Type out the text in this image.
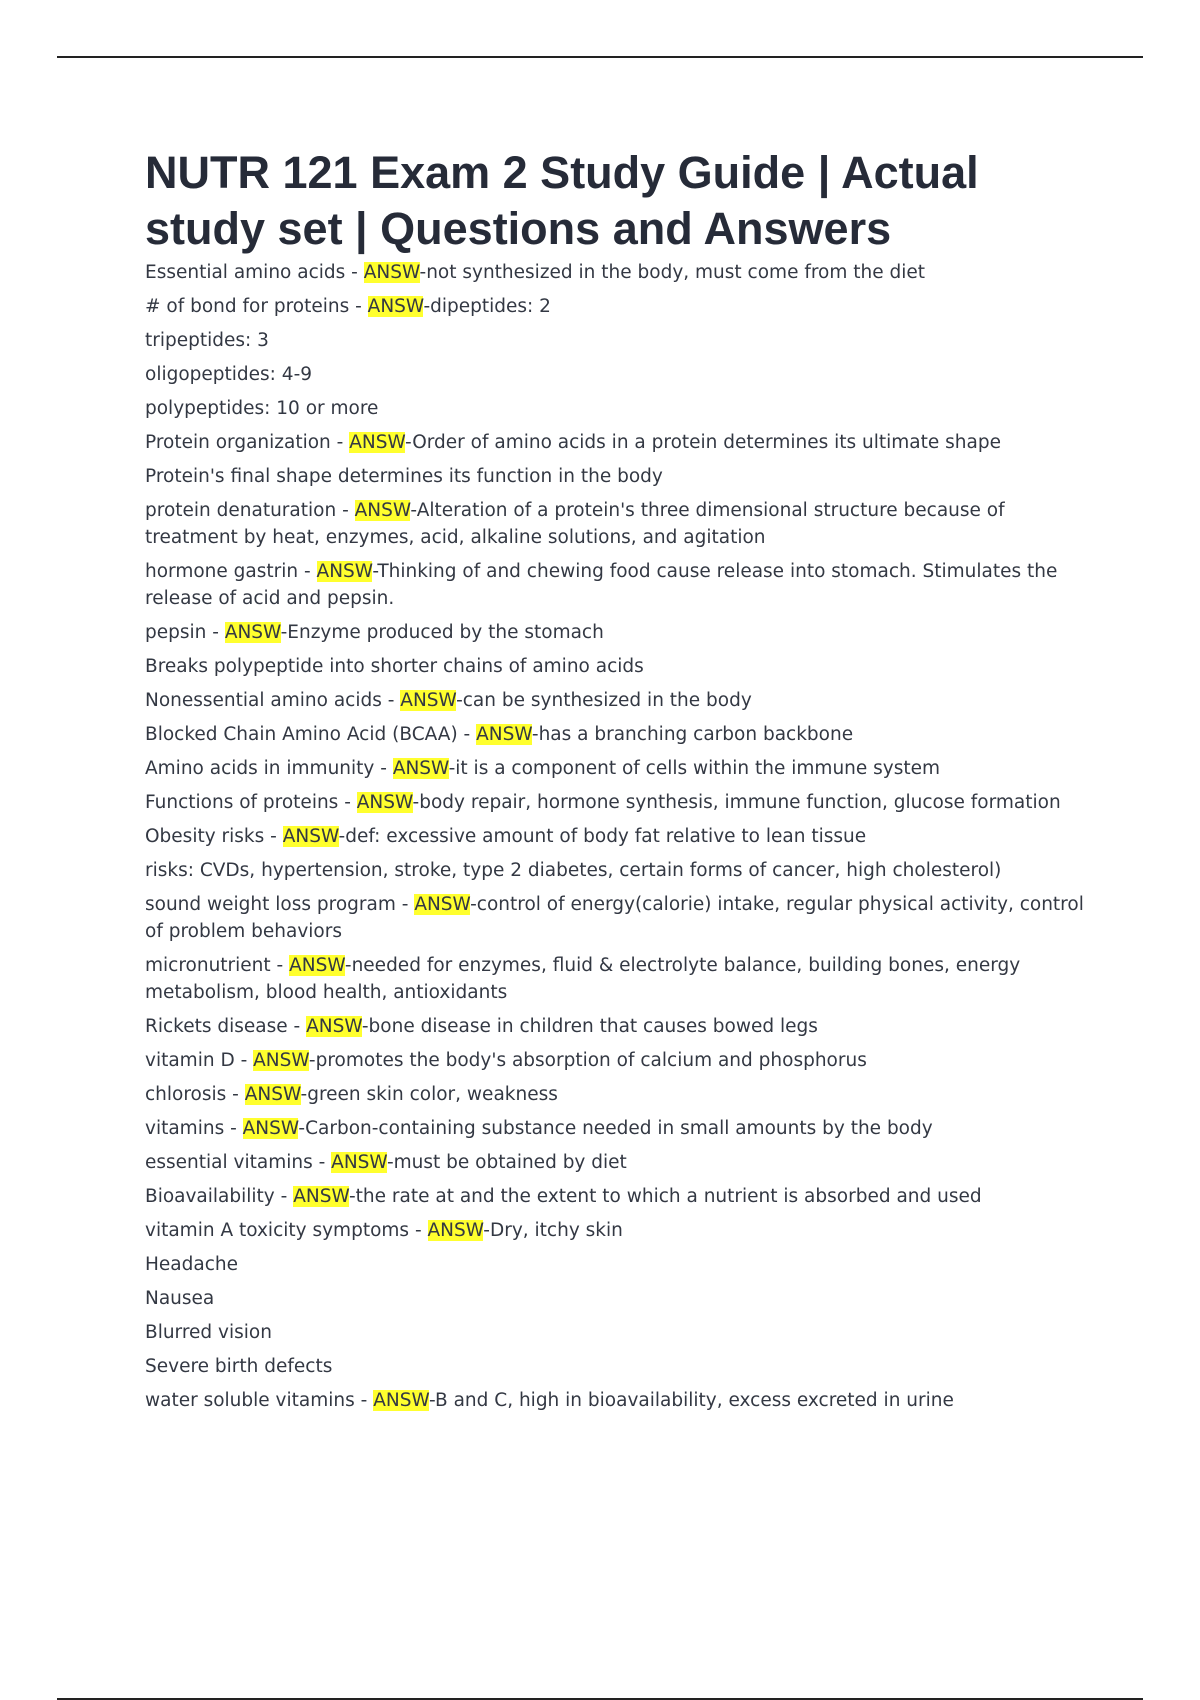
NUTR 121 Exam 2 Study Guide | Actual study set | Questions and Answers
Essential amino acids - ANSW-not synthesized in the body, must come from the diet
# of bond for proteins - ANSW-dipeptides: 2
tripeptides: 3
oligopeptides: 4-9
polypeptides: 10 or more
Protein organization - ANSW-Order of amino acids in a protein determines its ultimate shape
Protein's final shape determines its function in the body
protein denaturation - ANSW-Alteration of a protein's three dimensional structure because of treatment by heat, enzymes, acid, alkaline solutions, and agitation
hormone gastrin - ANSW-Thinking of and chewing food cause release into stomach. Stimulates the release of acid and pepsin.
pepsin - ANSW-Enzyme produced by the stomach
Breaks polypeptide into shorter chains of amino acids
Nonessential amino acids - ANSW-can be synthesized in the body
Blocked Chain Amino Acid (BCAA) - ANSW-has a branching carbon backbone
Amino acids in immunity - ANSW-it is a component of cells within the immune system
Functions of proteins - ANSW-body repair, hormone synthesis, immune function, glucose formation
Obesity risks - ANSW-def: excessive amount of body fat relative to lean tissue
risks: CVDs, hypertension, stroke, type 2 diabetes, certain forms of cancer, high cholesterol)
sound weight loss program - ANSW-control of energy(calorie) intake, regular physical activity, control of problem behaviors
micronutrient - ANSW-needed for enzymes, fluid & electrolyte balance, building bones, energy metabolism, blood health, antioxidants
Rickets disease - ANSW-bone disease in children that causes bowed legs
vitamin D - ANSW-promotes the body's absorption of calcium and phosphorus
chlorosis - ANSW-green skin color, weakness
vitamins - ANSW-Carbon-containing substance needed in small amounts by the body
essential vitamins - ANSW-must be obtained by diet
Bioavailability - ANSW-the rate at and the extent to which a nutrient is absorbed and used
vitamin A toxicity symptoms - ANSW-Dry, itchy skin
Headache
Nausea
Blurred vision
Severe birth defects
water soluble vitamins - ANSW-B and C, high in bioavailability, excess excreted in urine
